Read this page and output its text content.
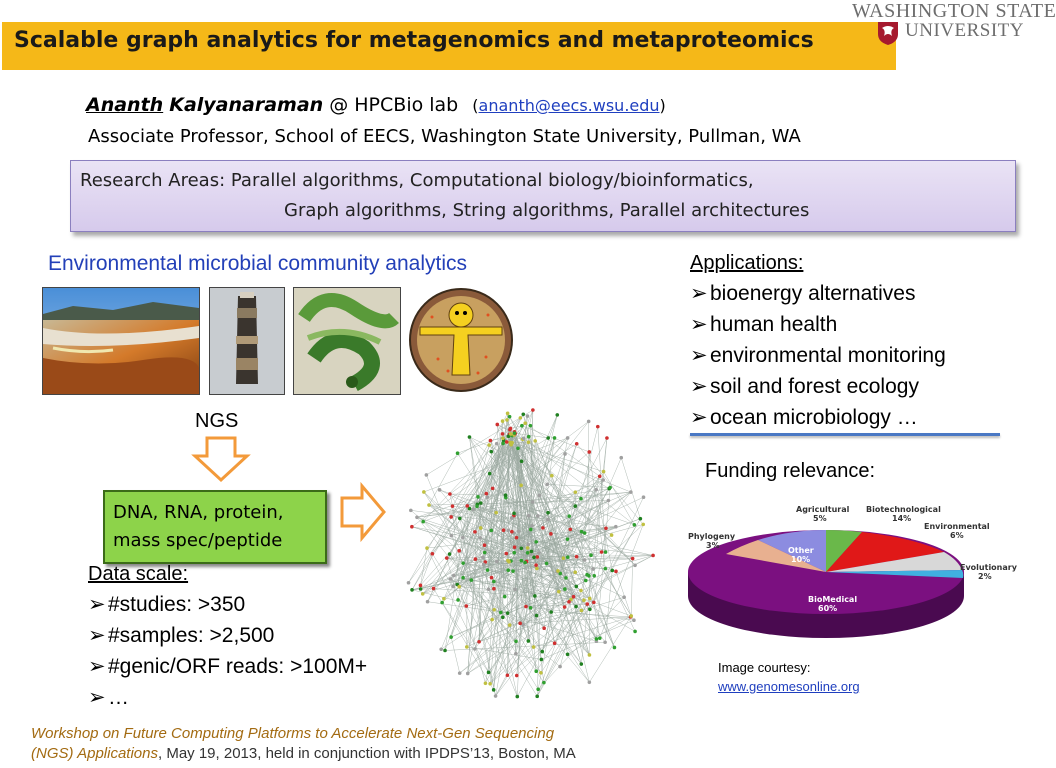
Scalable graph analytics for metagenomics and metaproteomics
WASHINGTON STATE
UNIVERSITY
Ananth Kalyanaraman @ HPCBio lab (ananth@eecs.wsu.edu)
Associate Professor, School of EECS, Washington State University, Pullman, WA
Research Areas: Parallel algorithms, Computational biology/bioinformatics,
Graph algorithms, String algorithms, Parallel architectures
Environmental microbial community analytics
NGS
DNA, RNA, protein,
mass spec/peptide
Data scale:
➢ #studies: >350
➢ #samples: >2,500
➢ #genic/ORF reads: >100M+
➢ …
Applications:
➢ bioenergy alternatives
➢ human health
➢ environmental monitoring
➢ soil and forest ecology
➢ ocean microbiology …
Funding relevance:
Agricultural
5%
Biotechnological
14%
Environmental
6%
Evolutionary
2%
Phylogeny
3%
Other
10%
BioMedical
60%
Image courtesy:
www.genomesonline.org
Workshop on Future Computing Platforms to Accelerate Next-Gen Sequencing
(NGS) Applications, May 19, 2013, held in conjunction with IPDPS’13, Boston, MA
